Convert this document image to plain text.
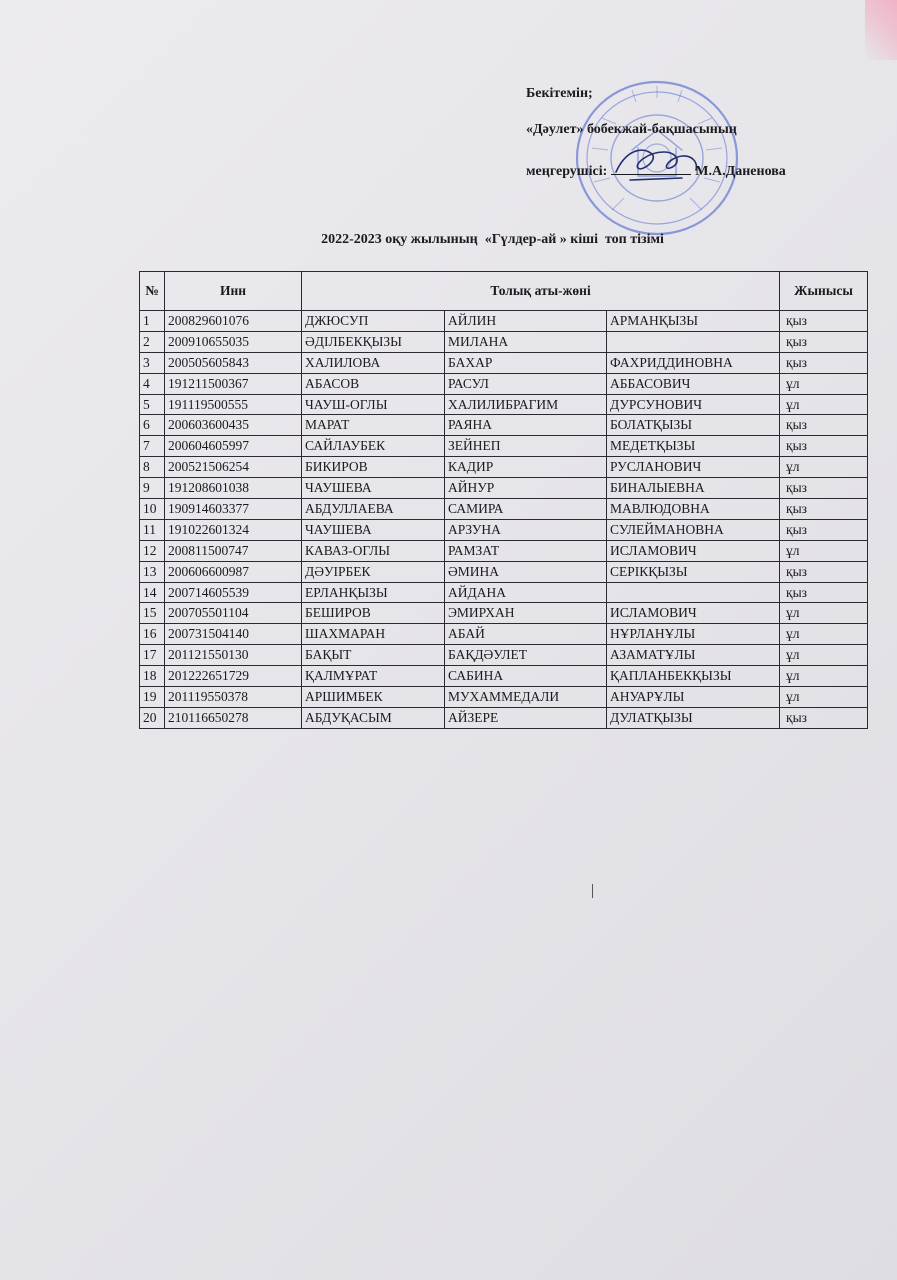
Бекітемін;
«Дәулет» бобекжай-бақшасының
меңгерушісі:	М.А.Даненова
2022-2023 оқу жылының  «Гүлдер-ай » кіші  топ тізімі
№	Инн	Толық аты-жөні			Жынысы
1	200829601076	ДЖЮСУП	АЙЛИН	АРМАНҚЫЗЫ	қыз
2	200910655035	ӘДІЛБЕКҚЫЗЫ	МИЛАНА		қыз
3	200505605843	ХАЛИЛОВА	БАХАР	ФАХРИДДИНОВНА	қыз
4	191211500367	АБАСОВ	РАСУЛ	АББАСОВИЧ	ұл
5	191119500555	ЧАУШ-ОГЛЫ	ХАЛИЛИБРАГИМ	ДУРСУНОВИЧ	ұл
6	200603600435	МАРАТ	РАЯНА	БОЛАТҚЫЗЫ	қыз
7	200604605997	САЙЛАУБЕК	ЗЕЙНЕП	МЕДЕТҚЫЗЫ	қыз
8	200521506254	БИКИРОВ	КАДИР	РУСЛАНОВИЧ	ұл
9	191208601038	ЧАУШЕВА	АЙНУР	БИНАЛЫЕВНА	қыз
10	190914603377	АБДУЛЛАЕВА	САМИРА	МАВЛЮДОВНА	қыз
11	191022601324	ЧАУШЕВА	АРЗУНА	СУЛЕЙМАНОВНА	қыз
12	200811500747	КАВАЗ-ОГЛЫ	РАМЗАТ	ИСЛАМОВИЧ	ұл
13	200606600987	ДӘУІРБЕК	ӘМИНА	СЕРІКҚЫЗЫ	қыз
14	200714605539	ЕРЛАНҚЫЗЫ	АЙДАНА		қыз
15	200705501104	БЕШИРОВ	ЭМИРХАН	ИСЛАМОВИЧ	ұл
16	200731504140	ШАХМАРАН	АБАЙ	НҰРЛАНҰЛЫ	ұл
17	201121550130	БАҚЫТ	БАҚДӘУЛЕТ	АЗАМАТҰЛЫ	ұл
18	201222651729	ҚАЛМҰРАТ	САБИНА	ҚАПЛАНБЕКҚЫЗЫ	ұл
19	201119550378	АРШИМБЕК	МУХАММЕДАЛИ	АНУАРҰЛЫ	ұл
20	210116650278	АБДУҚАСЫМ	АЙЗЕРЕ	ДУЛАТҚЫЗЫ	қыз
